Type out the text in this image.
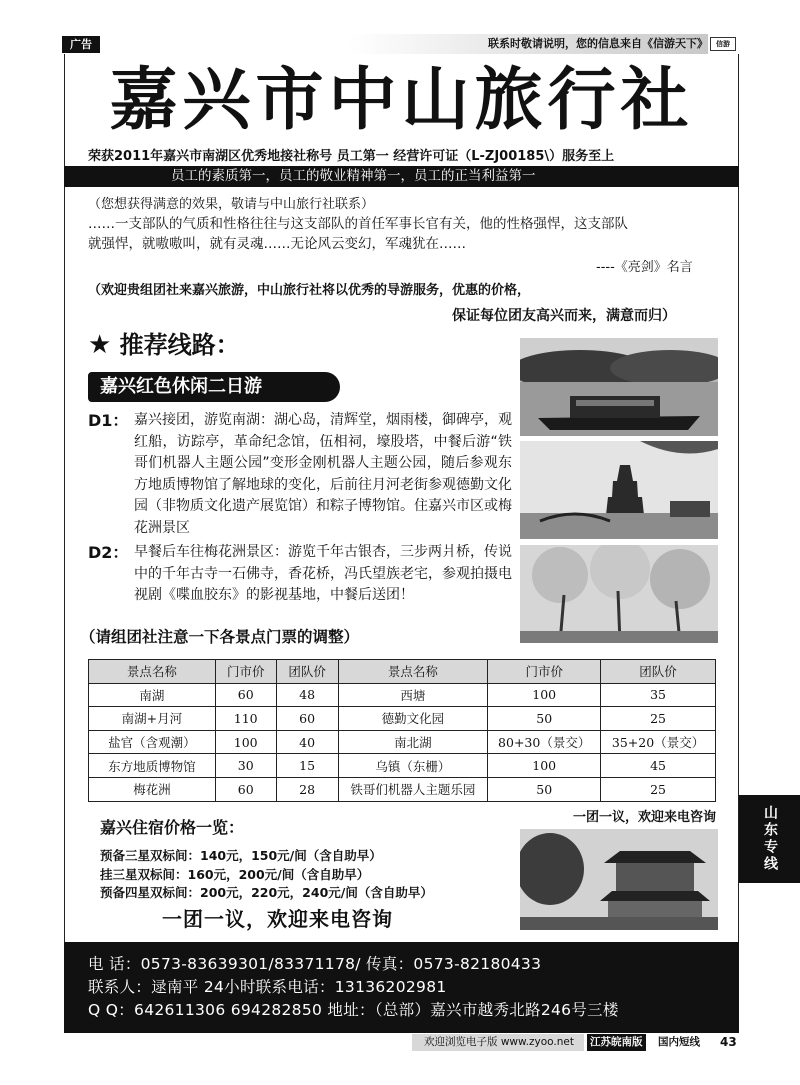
广告	联系时敬请说明，您的信息来自《信游天下》	信游
嘉兴市中山旅行社
荣获2011年嘉兴市南湖区优秀地接社称号 员工第一 经营许可证（L-ZJ00185\）服务至上
员工的素质第一，员工的敬业精神第一，员工的正当利益第一
（您想获得满意的效果，敬请与中山旅行社联系）
……一支部队的气质和性格往往与这支部队的首任军事长官有关，他的性格强悍，这支部队
就强悍，就嗷嗷叫，就有灵魂……无论风云变幻，军魂犹在……
----《亮剑》名言
（欢迎贵组团社来嘉兴旅游，中山旅行社将以优秀的导游服务，优惠的价格，
保证每位团友高兴而来，满意而归）
★ 推荐线路：
嘉兴红色休闲二日游
D1： 嘉兴接团，游览南湖：湖心岛，清辉堂，烟雨楼，御碑亭，观红船，访踪亭，革命纪念馆，伍相祠，壕股塔，中餐后游“铁哥们机器人主题公园”变形金刚机器人主题公园，随后参观东方地质博物馆了解地球的变化，后前往月河老街参观德勤文化园（非物质文化遗产展览馆）和粽子博物馆。住嘉兴市区或梅花洲景区
D2： 早餐后车往梅花洲景区：游览千年古银杏，三步两爿桥，传说中的千年古寺一石佛寺，香花桥，冯氏望族老宅，参观拍摄电视剧《喋血胶东》的影视基地，中餐后送团！
（请组团社注意一下各景点门票的调整）
景点名称	门市价	团队价	景点名称	门市价	团队价
南湖	60	48	西塘	100	35
南湖+月河	110	60	德勤文化园	50	25
盐官（含观潮）	100	40	南北湖	80+30（景交）	35+20（景交）
东方地质博物馆	30	15	乌镇（东栅）	100	45
梅花洲	60	28	铁哥们机器人主题乐园	50	25
一团一议，欢迎来电咨询	山东专线
嘉兴住宿价格一览：
预备三星双标间：140元，150元/间（含自助早）
挂三星双标间：160元，200元/间（含自助早）
预备四星双标间：200元，220元，240元/间（含自助早）
一团一议，欢迎来电咨询
电 话：0573-83639301/83371178/ 传真：0573-82180433
联系人：逯南平 24小时联系电话：13136202981
Q Q：642611306 694282850 地址：（总部）嘉兴市越秀北路246号三楼
欢迎浏览电子版 www.zyoo.net	江苏皖南版 国内短线 43
